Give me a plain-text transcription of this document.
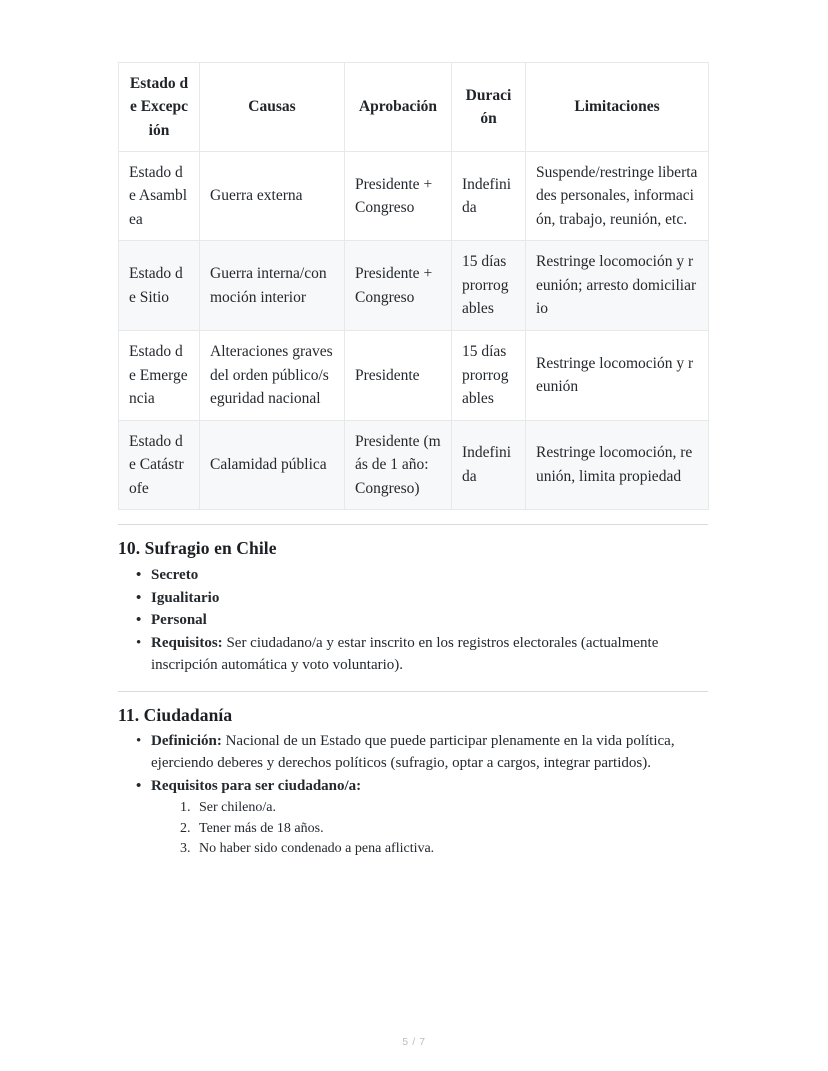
Estado de Excepción	Causas	Aprobación	Duración	Limitaciones
Estado de Asamblea	Guerra externa	Presidente + Congreso	Indefinida	Suspende/restringe libertades personales, información, trabajo, reunión, etc.
Estado de Sitio	Guerra interna/conmoción interior	Presidente + Congreso	15 días prorrogables	Restringe locomoción y reunión; arresto domiciliario
Estado de Emergencia	Alteraciones graves del orden público/seguridad nacional	Presidente	15 días prorrogables	Restringe locomoción y reunión
Estado de Catástrofe	Calamidad pública	Presidente (más de 1 año: Congreso)	Indefinida	Restringe locomoción, reunión, limita propiedad
10. Sufragio en Chile
• Secreto
• Igualitario
• Personal
• Requisitos: Ser ciudadano/a y estar inscrito en los registros electorales (actualmente inscripción automática y voto voluntario).
11. Ciudadanía
• Definición: Nacional de un Estado que puede participar plenamente en la vida política, ejerciendo deberes y derechos políticos (sufragio, optar a cargos, integrar partidos).
• Requisitos para ser ciudadano/a:
Ser chileno/a.
Tener más de 18 años.
No haber sido condenado a pena aflictiva.
5 / 7
